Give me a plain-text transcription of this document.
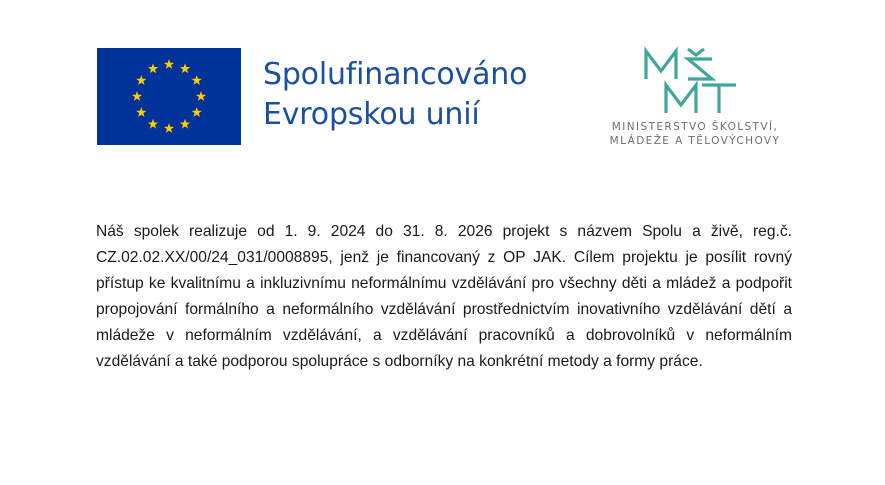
Spolufinancováno
Evropskou unií	MINISTERSTVO ŠKOLSTVÍ,
MLÁDEŽE A TĚLOVÝCHOVY

Náš spolek realizuje od 1. 9. 2024 do 31. 8. 2026 projekt s názvem Spolu a živě, reg.č. CZ.02.02.XX/00/24_031/0008895, jenž je financovaný z OP JAK. Cílem projektu je posílit rovný přístup ke kvalitnímu a inkluzivnímu neformálnímu vzdělávání pro všechny děti a mládež a podpořit propojování formálního a neformálního vzdělávání prostřednictvím inovativního vzdělávání dětí a mládeže v neformálním vzdělávání, a vzdělávání pracovníků a dobrovolníků v neformálním vzdělávání a také podporou spolupráce s odborníky na konkrétní metody a formy práce.
